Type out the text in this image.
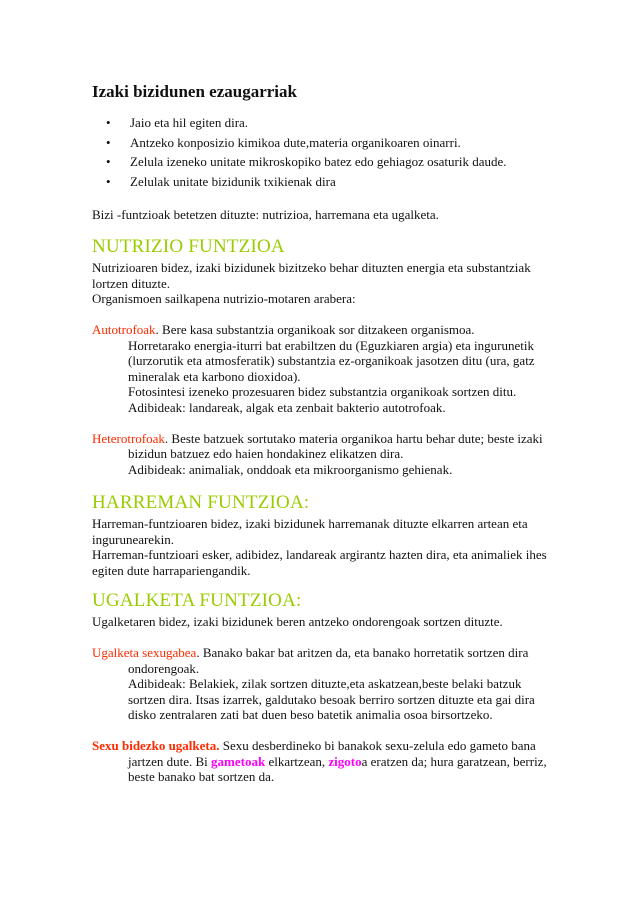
Izaki bizidunen ezaugarriak
• Jaio eta hil egiten dira.
• Antzeko konposizio kimikoa dute,materia organikoaren oinarri.
• Zelula izeneko unitate mikroskopiko batez edo gehiagoz osaturik daude.
• Zelulak unitate bizidunik txikienak dira

Bizi -funtzioak betetzen dituzte: nutrizioa, harremana eta ugalketa.

NUTRIZIO FUNTZIOA

Nutrizioaren bidez, izaki bizidunek bizitzeko behar dituzten energia eta substantziak

lortzen dituzte.

Organismoen sailkapena nutrizio-motaren arabera:

Autotrofoak. Bere kasa substantzia organikoak sor ditzakeen organismoa.

Horretarako energia-iturri bat erabiltzen du (Eguzkiaren argia) eta ingurunetik

(lurzorutik eta atmosferatik) substantzia ez-organikoak jasotzen ditu (ura, gatz

mineralak eta karbono dioxidoa).

Fotosintesi izeneko prozesuaren bidez substantzia organikoak sortzen ditu.

Adibideak: landareak, algak eta zenbait bakterio autotrofoak.

Heterotrofoak. Beste batzuek sortutako materia organikoa hartu behar dute; beste izaki

bizidun batzuez edo haien hondakinez elikatzen dira.

Adibideak: animaliak, onddoak eta mikroorganismo gehienak.

HARREMAN FUNTZIOA:

Harreman-funtzioaren bidez, izaki bizidunek harremanak dituzte elkarren artean eta

ingurunearekin.

Harreman-funtzioari esker, adibidez, landareak argirantz hazten dira, eta animaliek ihes

egiten dute harrapariengandik.

UGALKETA FUNTZIOA:

Ugalketaren bidez, izaki bizidunek beren antzeko ondorengoak sortzen dituzte.

Ugalketa sexugabea. Banako bakar bat aritzen da, eta banako horretatik sortzen dira

ondorengoak.

Adibideak: Belakiek, zilak sortzen dituzte,eta askatzean,beste belaki batzuk

sortzen dira. Itsas izarrek, galdutako besoak berriro sortzen dituzte eta gai dira

disko zentralaren zati bat duen beso batetik animalia osoa birsortzeko.

Sexu bidezko ugalketa. Sexu desberdineko bi banakok sexu-zelula edo gameto bana

jartzen dute. Bi gametoak elkartzean, zigotoa eratzen da; hura garatzean, berriz,

beste banako bat sortzen da.
